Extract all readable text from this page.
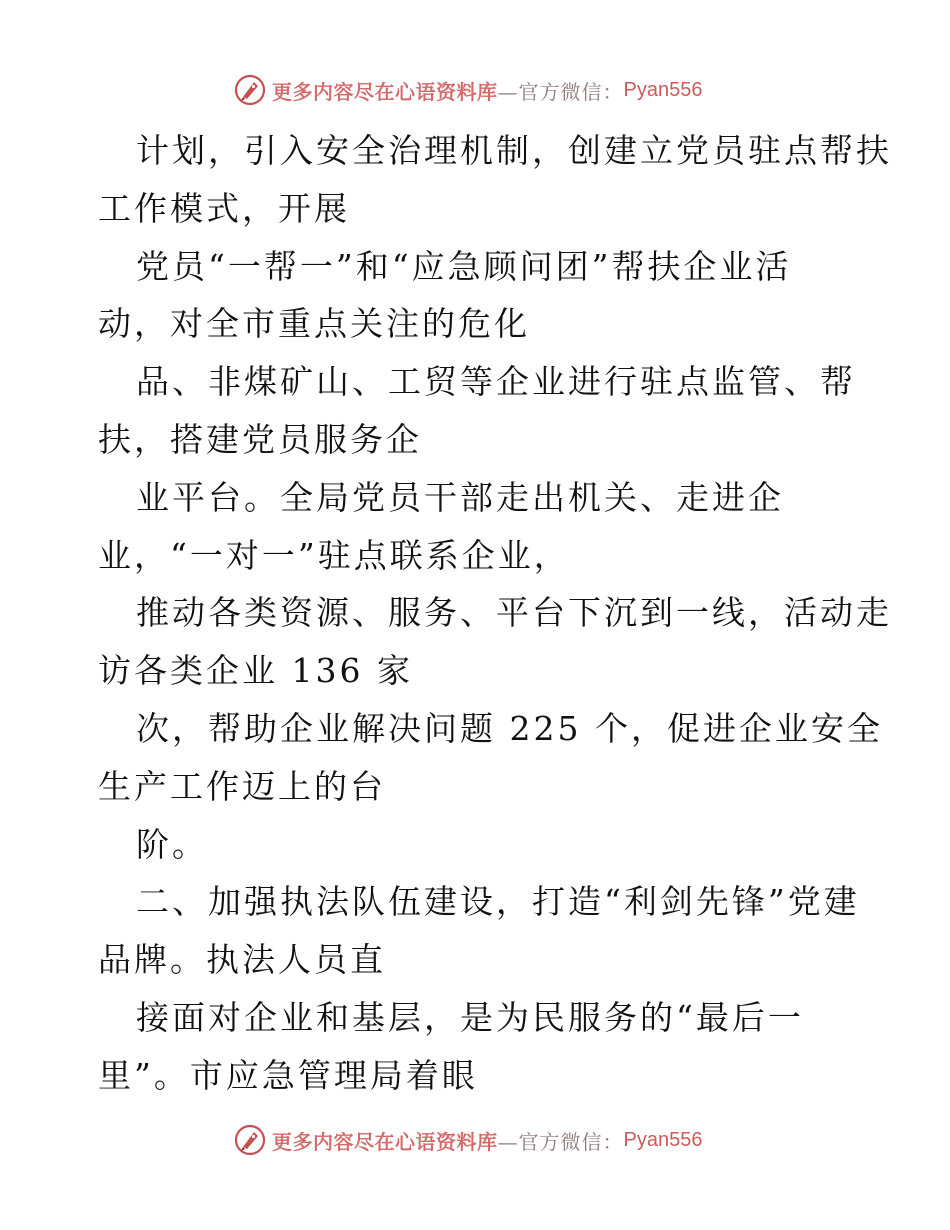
更多内容尽在心语资料库 —官方微信： Pyan556
计划，引入安全治理机制，创建立党员驻点帮扶
工作模式，开展
党员“一帮一”和“应急顾问团”帮扶企业活
动，对全市重点关注的危化
品、非煤矿山、工贸等企业进行驻点监管、帮
扶，搭建党员服务企
业平台。全局党员干部走出机关、走进企
业，“一对一”驻点联系企业，
推动各类资源、服务、平台下沉到一线，活动走
访各类企业 136 家
次，帮助企业解决问题 225 个，促进企业安全
生产工作迈上的台
阶。
二、加强执法队伍建设，打造“利剑先锋”党建
品牌。执法人员直
接面对企业和基层，是为民服务的“最后一
里”。市应急管理局着眼
更多内容尽在心语资料库 —官方微信： Pyan556
